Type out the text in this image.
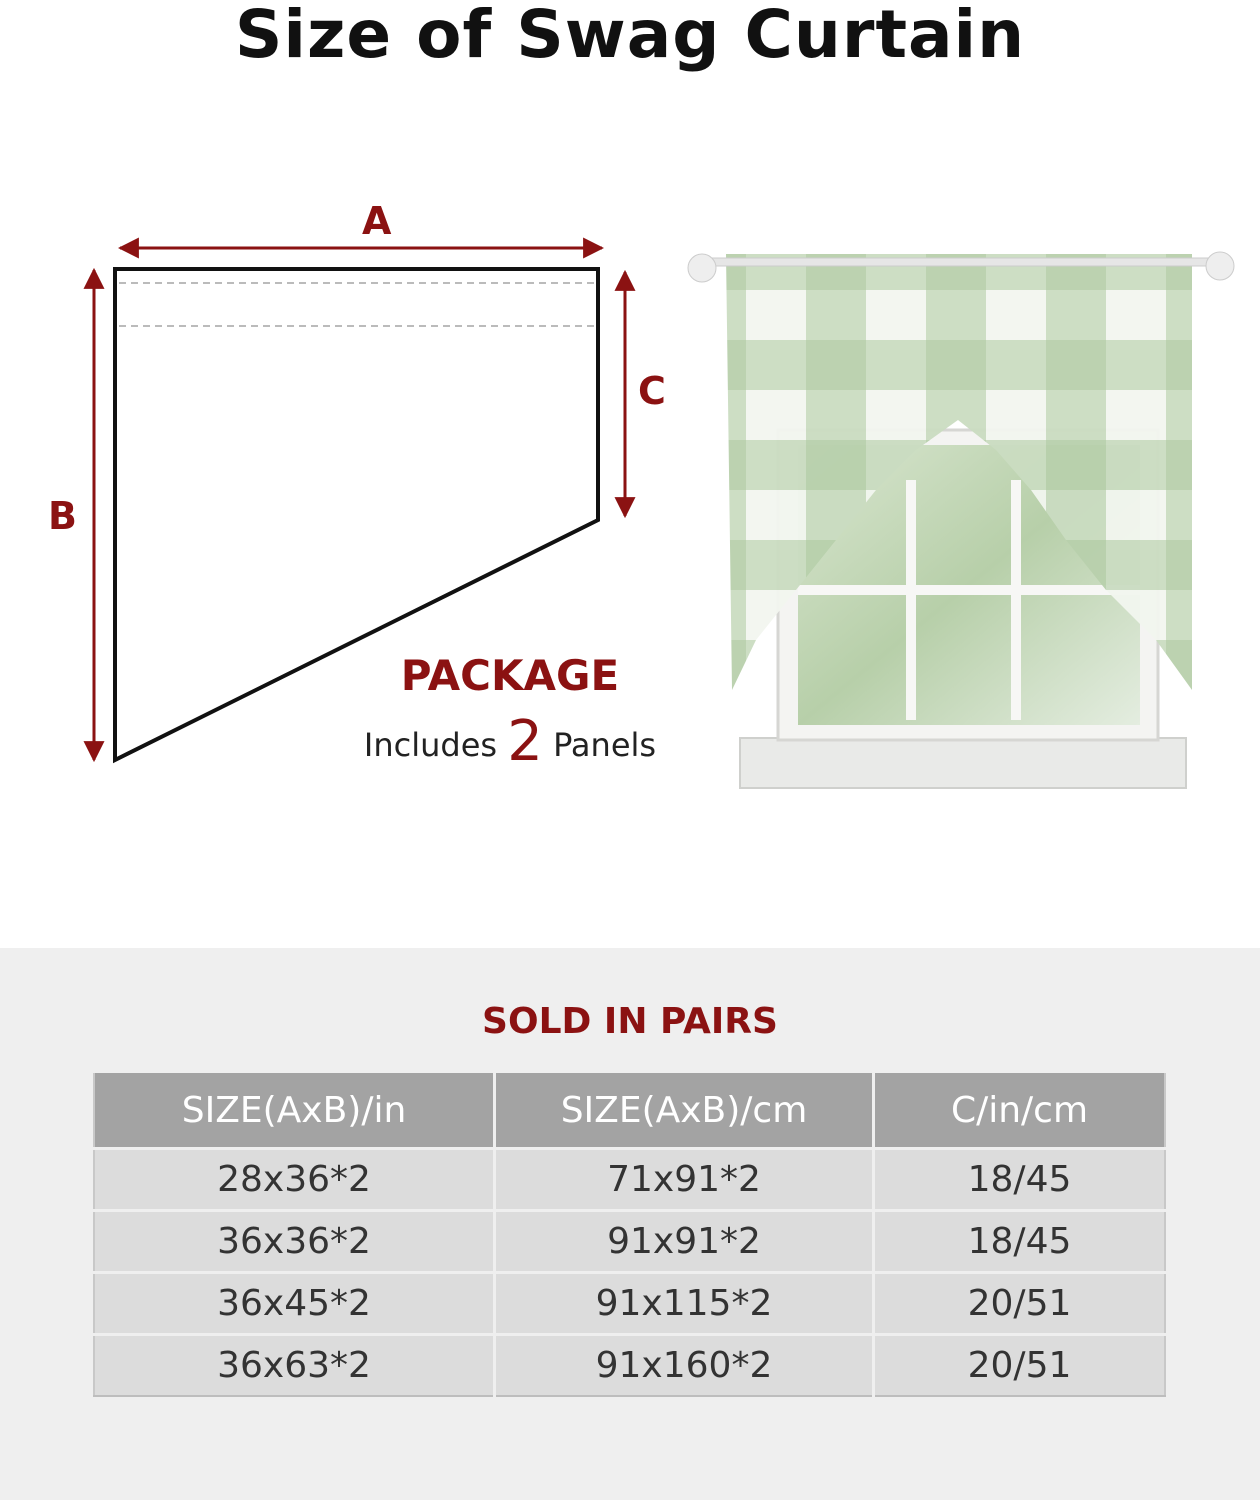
Size of Swag Curtain
A
B
C
PACKAGE
Includes 2 Panels
SOLD IN PAIRS
SIZE(AxB)/in	SIZE(AxB)/cm	C/in/cm
28x36*2	71x91*2	18/45
36x36*2	91x91*2	18/45
36x45*2	91x115*2	20/51
36x63*2	91x160*2	20/51
